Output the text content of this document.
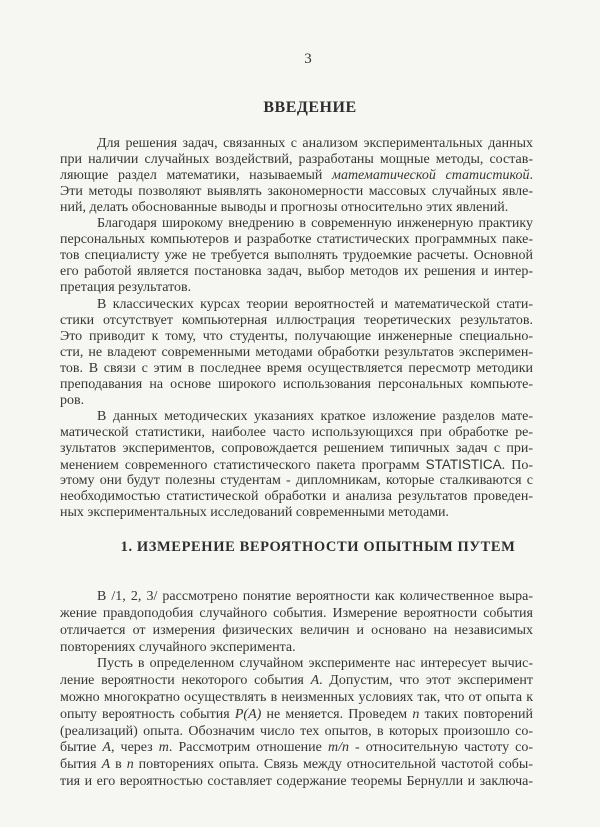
3
ВВЕДЕНИЕ
Для решения задач, связанных с анализом экспериментальных данных
при наличии случайных воздействий, разработаны мощные методы, состав-
ляющие раздел математики, называемый математической статистикой.
Эти методы позволяют выявлять закономерности массовых случайных явле-
ний, делать обоснованные выводы и прогнозы относительно этих явлений.
Благодаря широкому внедрению в современную инженерную практику
персональных компьютеров и разработке статистических программных паке-
тов специалисту уже не требуется выполнять трудоемкие расчеты. Основной
его работой является постановка задач, выбор методов их решения и интер-
претация результатов.
В классических курсах теории вероятностей и математической стати-
стики отсутствует компьютерная иллюстрация теоретических результатов.
Это приводит к тому, что студенты, получающие инженерные специально-
сти, не владеют современными методами обработки результатов эксперимен-
тов. В связи с этим в последнее время осуществляется пересмотр методики
преподавания на основе широкого использования персональных компьюте-
ров.
В данных методических указаниях краткое изложение разделов мате-
матической статистики, наиболее часто использующихся при обработке ре-
зультатов экспериментов, сопровождается решением типичных задач с при-
менением современного статистического пакета программ STATISTICA. По-
этому они будут полезны студентам - дипломникам, которые сталкиваются с
необходимостью статистической обработки и анализа результатов проведен-
ных экспериментальных исследований современными методами.
1. ИЗМЕРЕНИЕ ВЕРОЯТНОСТИ ОПЫТНЫМ ПУТЕМ
В /1, 2, 3/ рассмотрено понятие вероятности как количественное выра-
жение правдоподобия случайного события. Измерение вероятности события
отличается от измерения физических величин и основано на независимых
повторениях случайного эксперимента.
Пусть в определенном случайном эксперименте нас интересует вычис-
ление вероятности некоторого события A. Допустим, что этот эксперимент
можно многократно осуществлять в неизменных условиях так, что от опыта к
опыту вероятность события P(A) не меняется. Проведем n таких повторений
(реализаций) опыта. Обозначим число тех опытов, в которых произошло со-
бытие A, через m. Рассмотрим отношение m/n - относительную частоту со-
бытия A в n повторениях опыта. Связь между относительной частотой собы-
тия и его вероятностью составляет содержание теоремы Бернулли и заключа-
